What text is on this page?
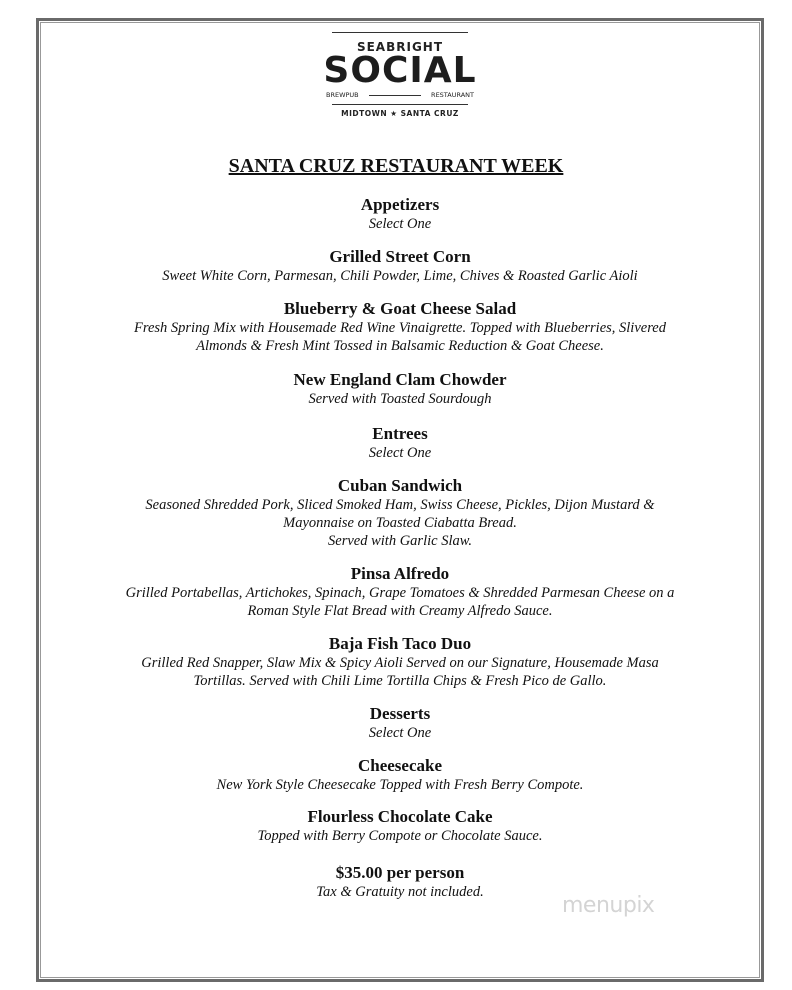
SEABRIGHT
SOCIAL
BREWPUB	RESTAURANT
MIDTOWN ★ SANTA CRUZ
SANTA CRUZ RESTAURANT WEEK
Appetizers
Select One
Grilled Street Corn
Sweet White Corn, Parmesan, Chili Powder, Lime, Chives & Roasted Garlic Aioli
Blueberry & Goat Cheese Salad
Fresh Spring Mix with Housemade Red Wine Vinaigrette. Topped with Blueberries, Slivered
Almonds & Fresh Mint Tossed in Balsamic Reduction & Goat Cheese.
New England Clam Chowder
Served with Toasted Sourdough
Entrees
Select One
Cuban Sandwich
Seasoned Shredded Pork, Sliced Smoked Ham, Swiss Cheese, Pickles, Dijon Mustard &
Mayonnaise on Toasted Ciabatta Bread.
Served with Garlic Slaw.
Pinsa Alfredo
Grilled Portabellas, Artichokes, Spinach, Grape Tomatoes & Shredded Parmesan Cheese on a
Roman Style Flat Bread with Creamy Alfredo Sauce.
Baja Fish Taco Duo
Grilled Red Snapper, Slaw Mix & Spicy Aioli Served on our Signature, Housemade Masa
Tortillas. Served with Chili Lime Tortilla Chips & Fresh Pico de Gallo.
Desserts
Select One
Cheesecake
New York Style Cheesecake Topped with Fresh Berry Compote.
Flourless Chocolate Cake
Topped with Berry Compote or Chocolate Sauce.
$35.00 per person
Tax & Gratuity not included.
menupix
